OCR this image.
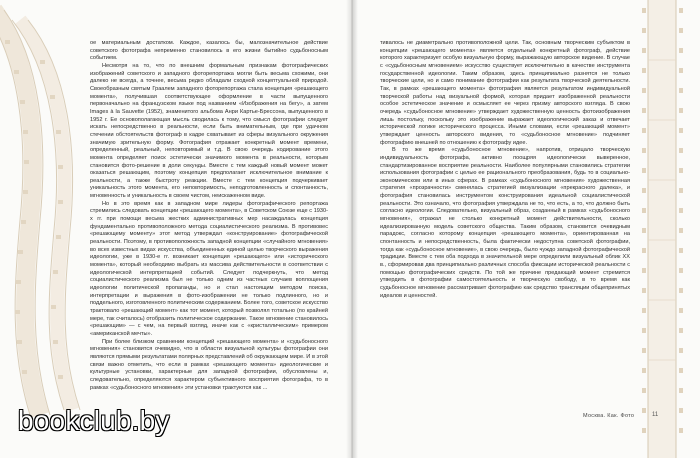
ое материальным достатком. Каждое, казалось бы, малозначительное действие советского фотографа непременно становилось в его жизни бытийно судьбоносным событием.

Несмотря на то, что по внешним формальным признакам фотографических изображений советского и западного фоторепортажа могли быть весьма схожими, они далеко не всегда, а точнее, весьма редко обладали сходной концептуальной природой. Своеобразным святым Граалем западного фоторепортажа стала концепция «решающего момента», получившая соответствующее оформление в части выпущенного первоначально на французском языке под названием «Изображения на бегу», а затем Images à la Sauvette (1952), знаменитого альбома Анри Картье-Брессона, выпущенного в 1952 г. Ее основополагающая мысль сводилась к тому, что смысл фотографии следует искать непосредственно в реальности, если быть внимательным, где при удачном стечении обстоятельств фотограф в кадре схватывает из сферы визуального окружения значимую зрительную форму. Фотография отражает конкретный момент времени, определенный, реальный, неповторимый и т.д. В свою очередь кодирование этого момента определяет поиск эстетически значимого момента в реальности, которым становится фото-решение в доли секунды. Вместе с тем каждый новый момент может оказаться решающим, поэтому концепция предполагает исключительное внимание к реальности, а также быстроту реакции. Вместе с тем концепция подчеркивает уникальность этого момента, его неповторимость, неподготовленность и спонтанность, мгновенность и уникальность в своем чистом, неискаженном виде.

Но в это время как в западном мире лидеры фотографического репортажа стремились следовать концепции «решающего момента», в Советском Союзе еще с 1930-х гг. при помощи весьма жестких административных мер насаждалась концепция фундаментально противоположного метода социалистического реализма. В противовес «решающему моменту» этот метод утверждал «конструирование» фотографической реальности. Поэтому, в противоположность западной концепции «случайного мгновения» во всех известных видах искусства, объединенных единой целью творческого выражения идеологии, уже в 1930-е гг. возникает концепция «решающего» или «исторического момента», который необходимо выбрать из массива действительности в соответствии с идеологической интерпретацией событий. Следует подчеркнуть, что метод социалистического реализма был не только одним из частных случаев воплощения идеологии политической пропаганды, но и стал настоящим методом поиска, интерпретации и выражения в фото-изображении не только подлинного, но и поддельного, изготовленного политическим содержанием. Более того, советское искусство трактовало «решающий момент» как тот момент, который позволял тотально (по крайней мере, так считалось) отобразить политическое содержание. Такое мгновение становилось «решающим» — с чем, на первый взгляд, иначе как с «кристаллическим» примером «американской мечты».

При более близком сравнении концепций «решающего момента» и «судьбоносного мгновения» становится очевидно, что в области визуальной культуры фотографии они являются прямыми результатами полярных представлений об окружающем мире. И в этой связи важно отметить, что если в рамках «решающего момента» идеологические и культурные установки, характерные для западной фотографии, обусловлены и, следовательно, определяются характером субъективного восприятия фотографа, то в рамках «судьбоносного мгновения» эти установки трактуются как ...

тивалось не диаметрально противоположной цели. Так, основным творческим субъектом в концепции «решающего момента» является отдельный конкретный фотограф, действие которого характеризует особую визуальную форму, выражающую авторское видение. В случае с «судьбоносным мгновением» искусство существует исключительно в качестве инструмента государственной идеологии. Таким образом, здесь принципиально разнятся не только творческие цели, но и само понимание фотографии как результата творческой деятельности. Так, в рамках «решающего момента» фотография является результатом индивидуальной творческой работы над визуальной формой, которая придает изображенной реальности особое эстетическое значение и осмысляет ее через призму авторского взгляда. В свою очередь «судьбоносное мгновение» утверждает художественную ценность фотоизображения лишь постольку, поскольку это изображение выражает идеологический заказ и отвечает исторической логике исторического процесса. Иными словами, если «решающий момент» утверждает ценность авторского видения, то «судьбоносное мгновение» подчиняет фотографию внешней по отношению к фотографу идее.

В то же время «судьбоносное мгновение», напротив, отрицало творческую индивидуальность фотографа, активно поощряя идеологически выверенное, стандартизированное восприятие реальности. Наиболее популярными становились стратегии использования фотографии с целью ее рационального преобразования, будь то в социально-экономическом или в иных сферах. В рамках «судьбоносного мгновения» художественная стратегия «прозрачности» сменялась стратегией визуализации «прекрасного далека», и фотография становилась инструментом конструирования идеальной социалистической реальности. Это означало, что фотография утверждала не то, что есть, а то, что должно быть согласно идеологии. Следовательно, визуальный образ, созданный в рамках «судьбоносного мгновения», отражал не столько конкретный момент действительности, сколько идеализированную модель советского общества. Таким образом, становится очевидным парадокс, согласно которому концепция «решающего момента», ориентированная на спонтанность и непосредственность, была фактически недоступна советской фотографии, тогда как «судьбоносное мгновение», в свою очередь, было чуждо западной фотографической традиции. Вместе с тем оба подхода в значительной мере определили визуальный облик XX в., сформировав два принципиально различных способа фиксации исторической реальности с помощью фотографических средств. По той же причине предающий момент стремится утвердить в фотографии самостоятельность и творческую свободу, в то время как судьбоносное мгновение рассматривает фотографию как средство трансляции общепринятых идеалов и ценностей.

Москва. Как. Фото	11
bookclub.by
